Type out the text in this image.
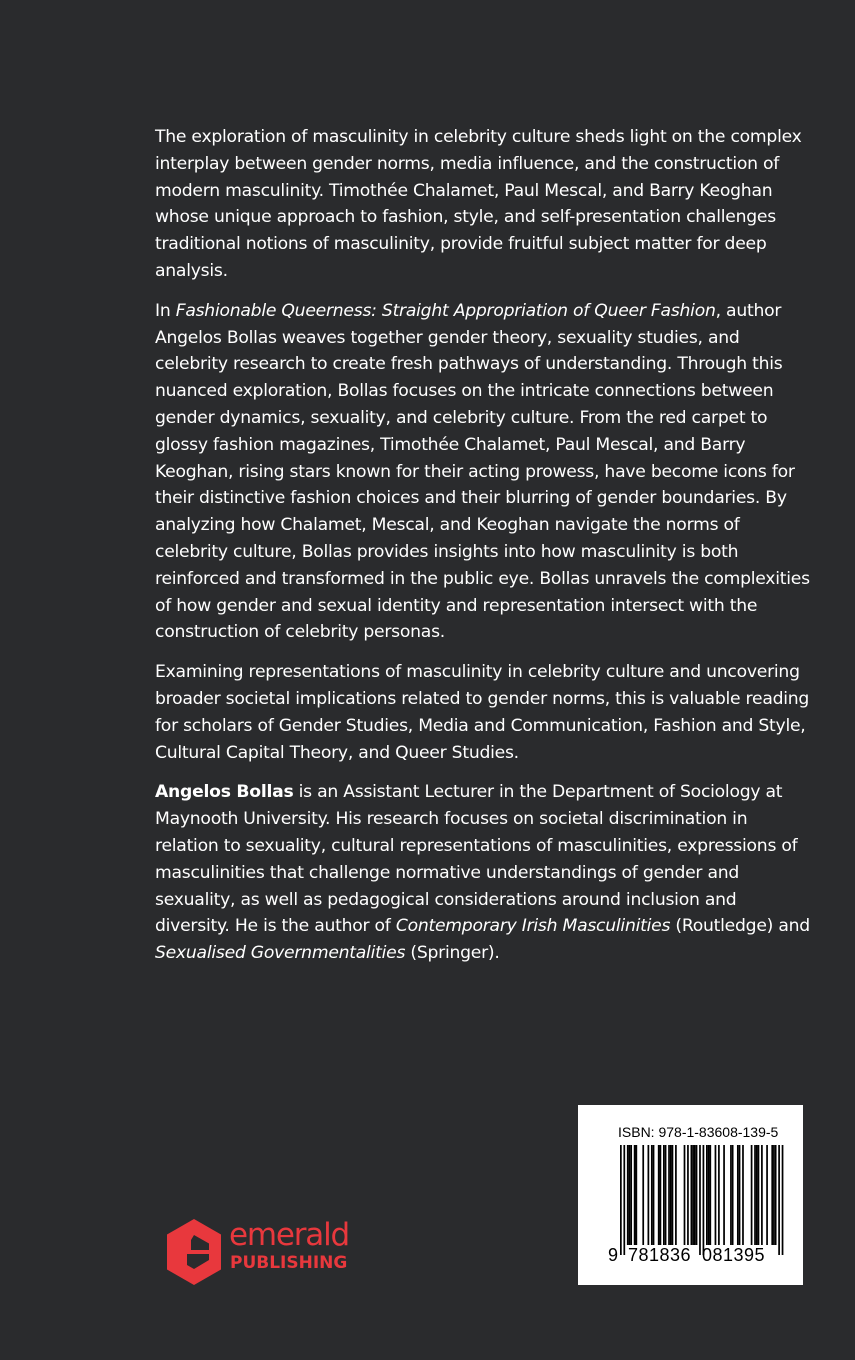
The exploration of masculinity in celebrity culture sheds light on the complex interplay between gender norms, media influence, and the construction of modern masculinity. Timothée Chalamet, Paul Mescal, and Barry Keoghan whose unique approach to fashion, style, and self-presentation challenges traditional notions of masculinity, provide fruitful subject matter for deep analysis.

In Fashionable Queerness: Straight Appropriation of Queer Fashion, author Angelos Bollas weaves together gender theory, sexuality studies, and celebrity research to create fresh pathways of understanding. Through this nuanced exploration, Bollas focuses on the intricate connections between gender dynamics, sexuality, and celebrity culture. From the red carpet to glossy fashion magazines, Timothée Chalamet, Paul Mescal, and Barry Keoghan, rising stars known for their acting prowess, have become icons for their distinctive fashion choices and their blurring of gender boundaries. By analyzing how Chalamet, Mescal, and Keoghan navigate the norms of celebrity culture, Bollas provides insights into how masculinity is both reinforced and transformed in the public eye. Bollas unravels the complexities of how gender and sexual identity and representation intersect with the construction of celebrity personas.

Examining representations of masculinity in celebrity culture and uncovering broader societal implications related to gender norms, this is valuable reading for scholars of Gender Studies, Media and Communication, Fashion and Style, Cultural Capital Theory, and Queer Studies.

Angelos Bollas is an Assistant Lecturer in the Department of Sociology at Maynooth University. His research focuses on societal discrimination in relation to sexuality, cultural representations of masculinities, expressions of masculinities that challenge normative understandings of gender and sexuality, as well as pedagogical considerations around inclusion and diversity. He is the author of Contemporary Irish Masculinities (Routledge) and Sexualised Governmentalities (Springer).

ISBN: 978-1-83608-139-5
9 781836 081395
emerald
PUBLISHING
